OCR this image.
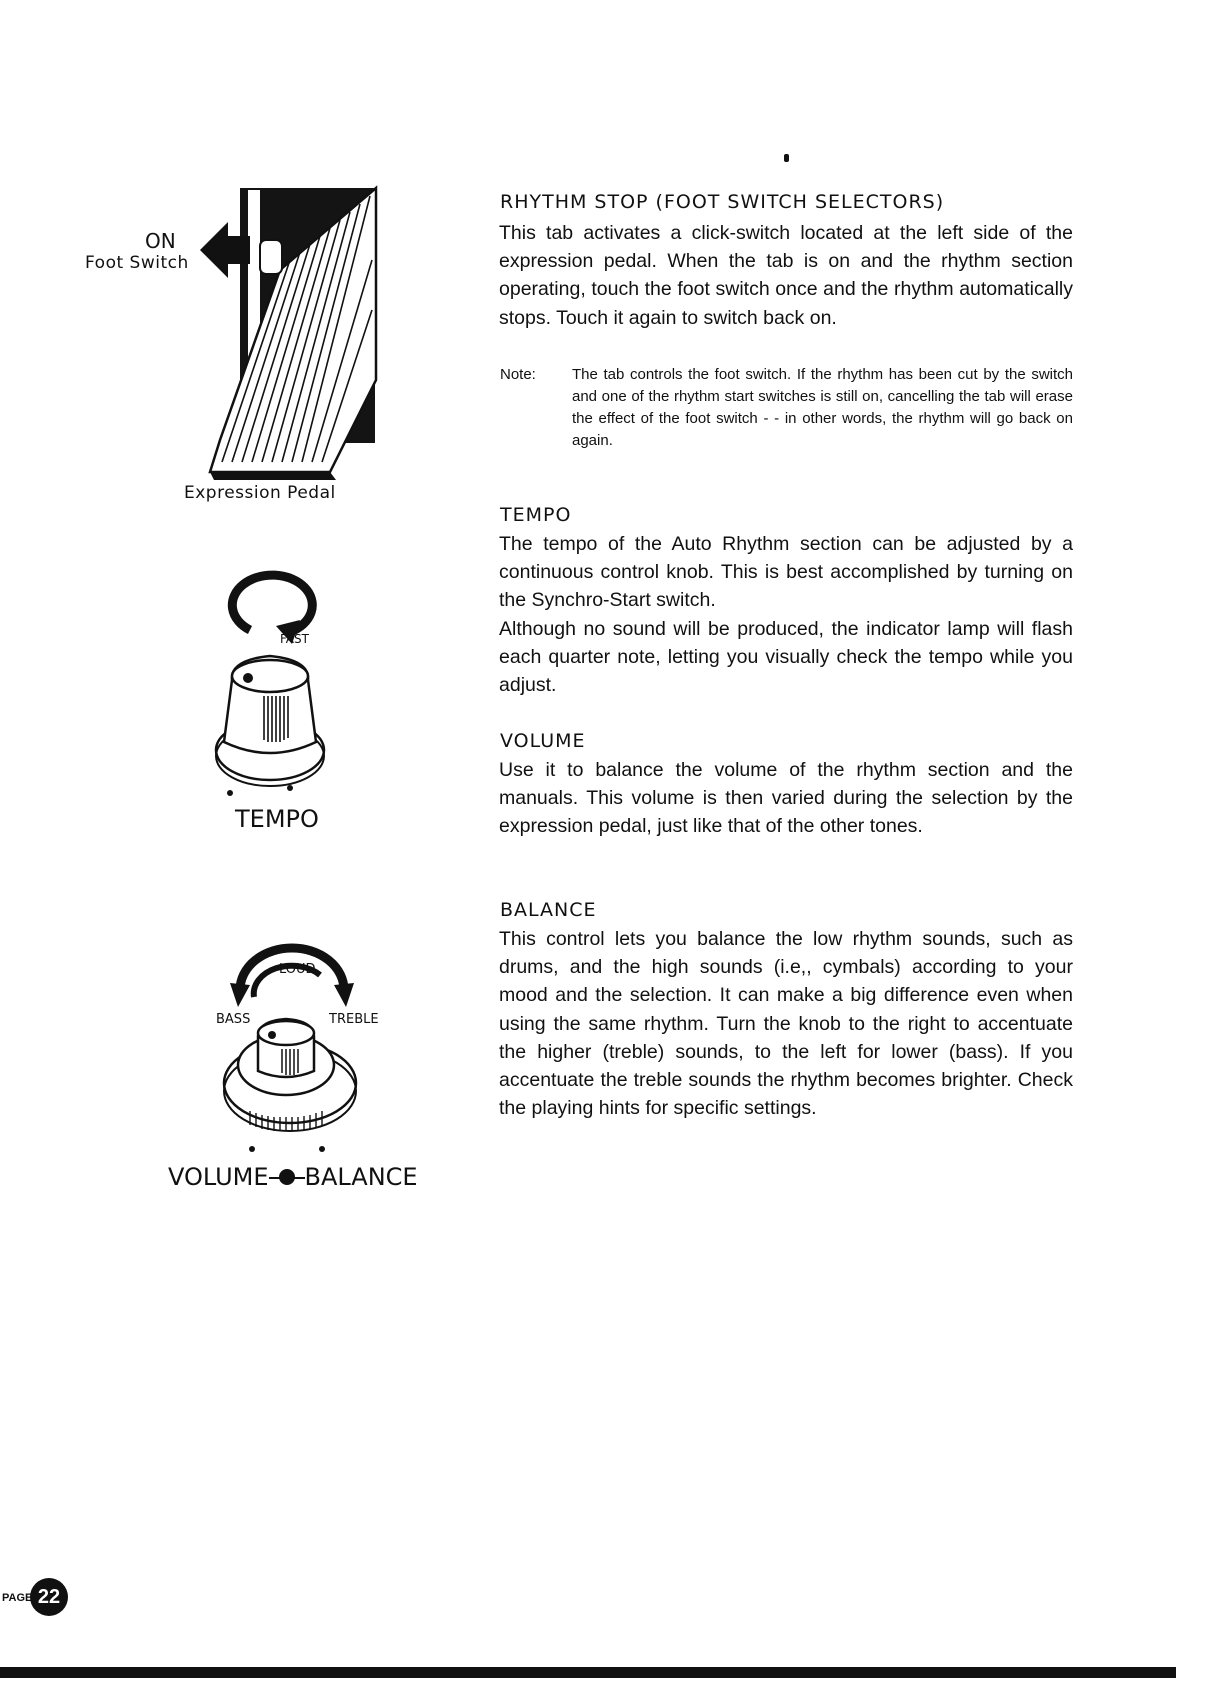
ON
Foot Switch
Expression Pedal
FAST
TEMPO
LOUD
BASS	TREBLE
VOLUME BALANCE
RHYTHM STOP (FOOT SWITCH SELECTORS)

This tab activates a click-switch located at the left side of the expression pedal. When the tab is on and the rhythm section operating, touch the foot switch once and the rhythm automatically stops. Touch it again to switch back on.

Note: The tab controls the foot switch. If the rhythm has been cut by the switch and one of the rhythm start switches is still on, cancelling the tab will erase the effect of the foot switch - - in other words, the rhythm will go back on again.

TEMPO

The tempo of the Auto Rhythm section can be adjusted by a continuous control knob. This is best accomplished by turning on the Synchro-Start switch.

Although no sound will be produced, the indicator lamp will flash each quarter note, letting you visually check the tempo while you adjust.

VOLUME

Use it to balance the volume of the rhythm section and the manuals. This volume is then varied during the selection by the expression pedal, just like that of the other tones.

BALANCE

This control lets you balance the low rhythm sounds, such as drums, and the high sounds (i.e,, cymbals) according to your mood and the selection. It can make a big difference even when using the same rhythm. Turn the knob to the right to accentuate the higher (treble) sounds, to the left for lower (bass). If you accentuate the treble sounds the rhythm becomes brighter. Check the playing hints for specific settings.

PAGE 22
